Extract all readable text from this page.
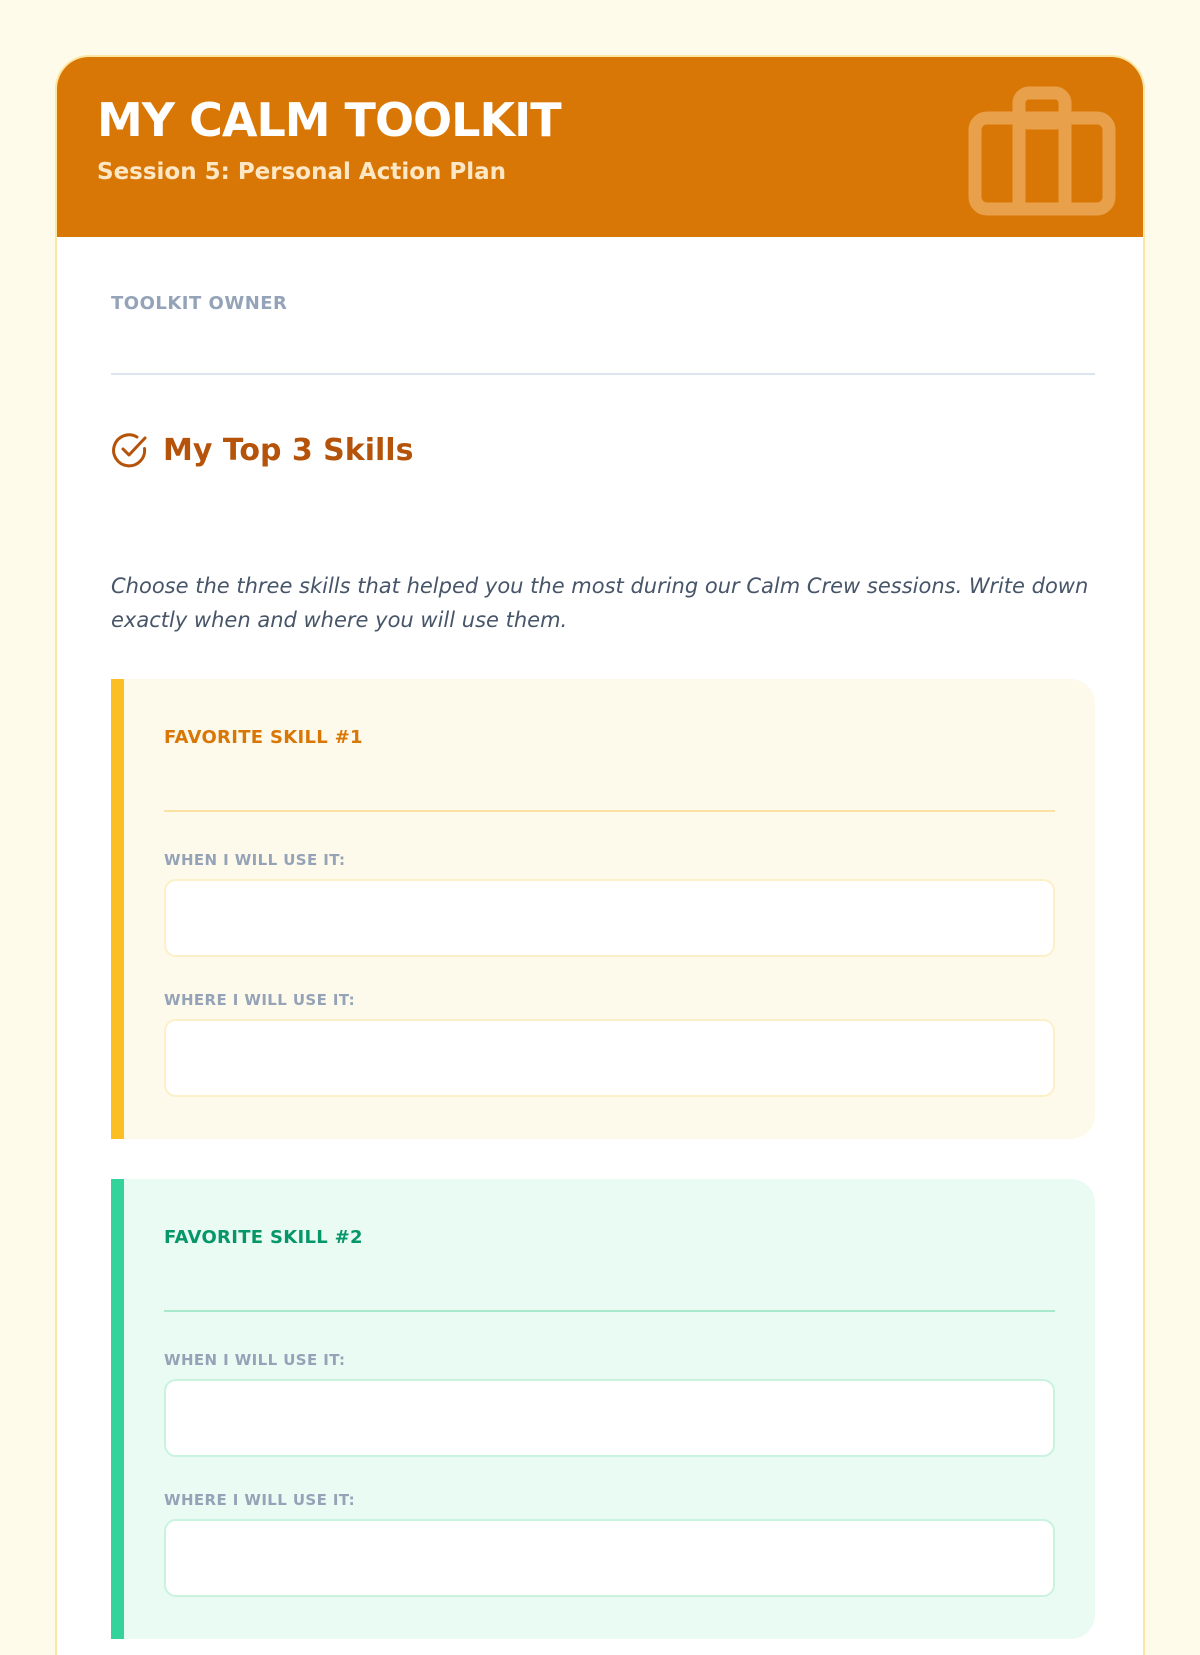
MY CALM TOOLKIT

Session 5: Personal Action Plan

TOOLKIT OWNER
My Top 3 Skills

Choose the three skills that helped you the most during our Calm Crew sessions. Write down exactly when and where you will use them.

FAVORITE SKILL #1
WHEN I WILL USE IT:
WHERE I WILL USE IT:
FAVORITE SKILL #2
WHEN I WILL USE IT:
WHERE I WILL USE IT:
